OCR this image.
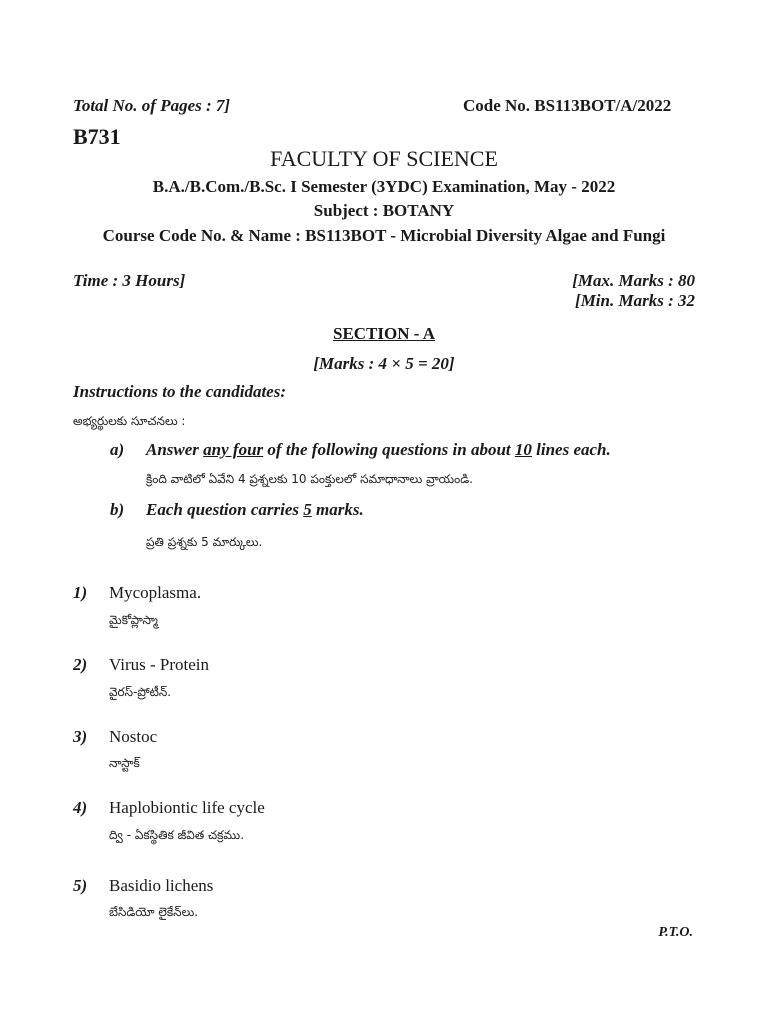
Total No. of Pages : 7]	Code No. BS113BOT/A/2022
B731
FACULTY OF SCIENCE
B.A./B.Com./B.Sc. I Semester (3YDC) Examination, May - 2022
Subject : BOTANY
Course Code No. & Name : BS113BOT - Microbial Diversity Algae and Fungi
Time : 3 Hours]	[Max. Marks : 80
[Min. Marks : 32
SECTION - A
[Marks : 4 × 5 = 20]
Instructions to the candidates:
అభ్యర్థులకు సూచనలు :
a) Answer any four of the following questions in about 10 lines each.
క్రింది వాటిలో ఏవేని 4 ప్రశ్నలకు 10 పంక్తులలో సమాధానాలు వ్రాయండి.
b) Each question carries 5 marks.
ప్రతి ప్రశ్నకు 5 మార్కులు.
1) Mycoplasma.
మైకోప్లాస్మా
2) Virus - Protein
వైరస్-ప్రోటీన్.
3) Nostoc
నాస్టాక్
4) Haplobiontic life cycle
ద్వి - ఏకస్థితిక జీవిత చక్రము.
5) Basidio lichens
బేసిడియో లైకేన్‌లు.
P.T.O.
